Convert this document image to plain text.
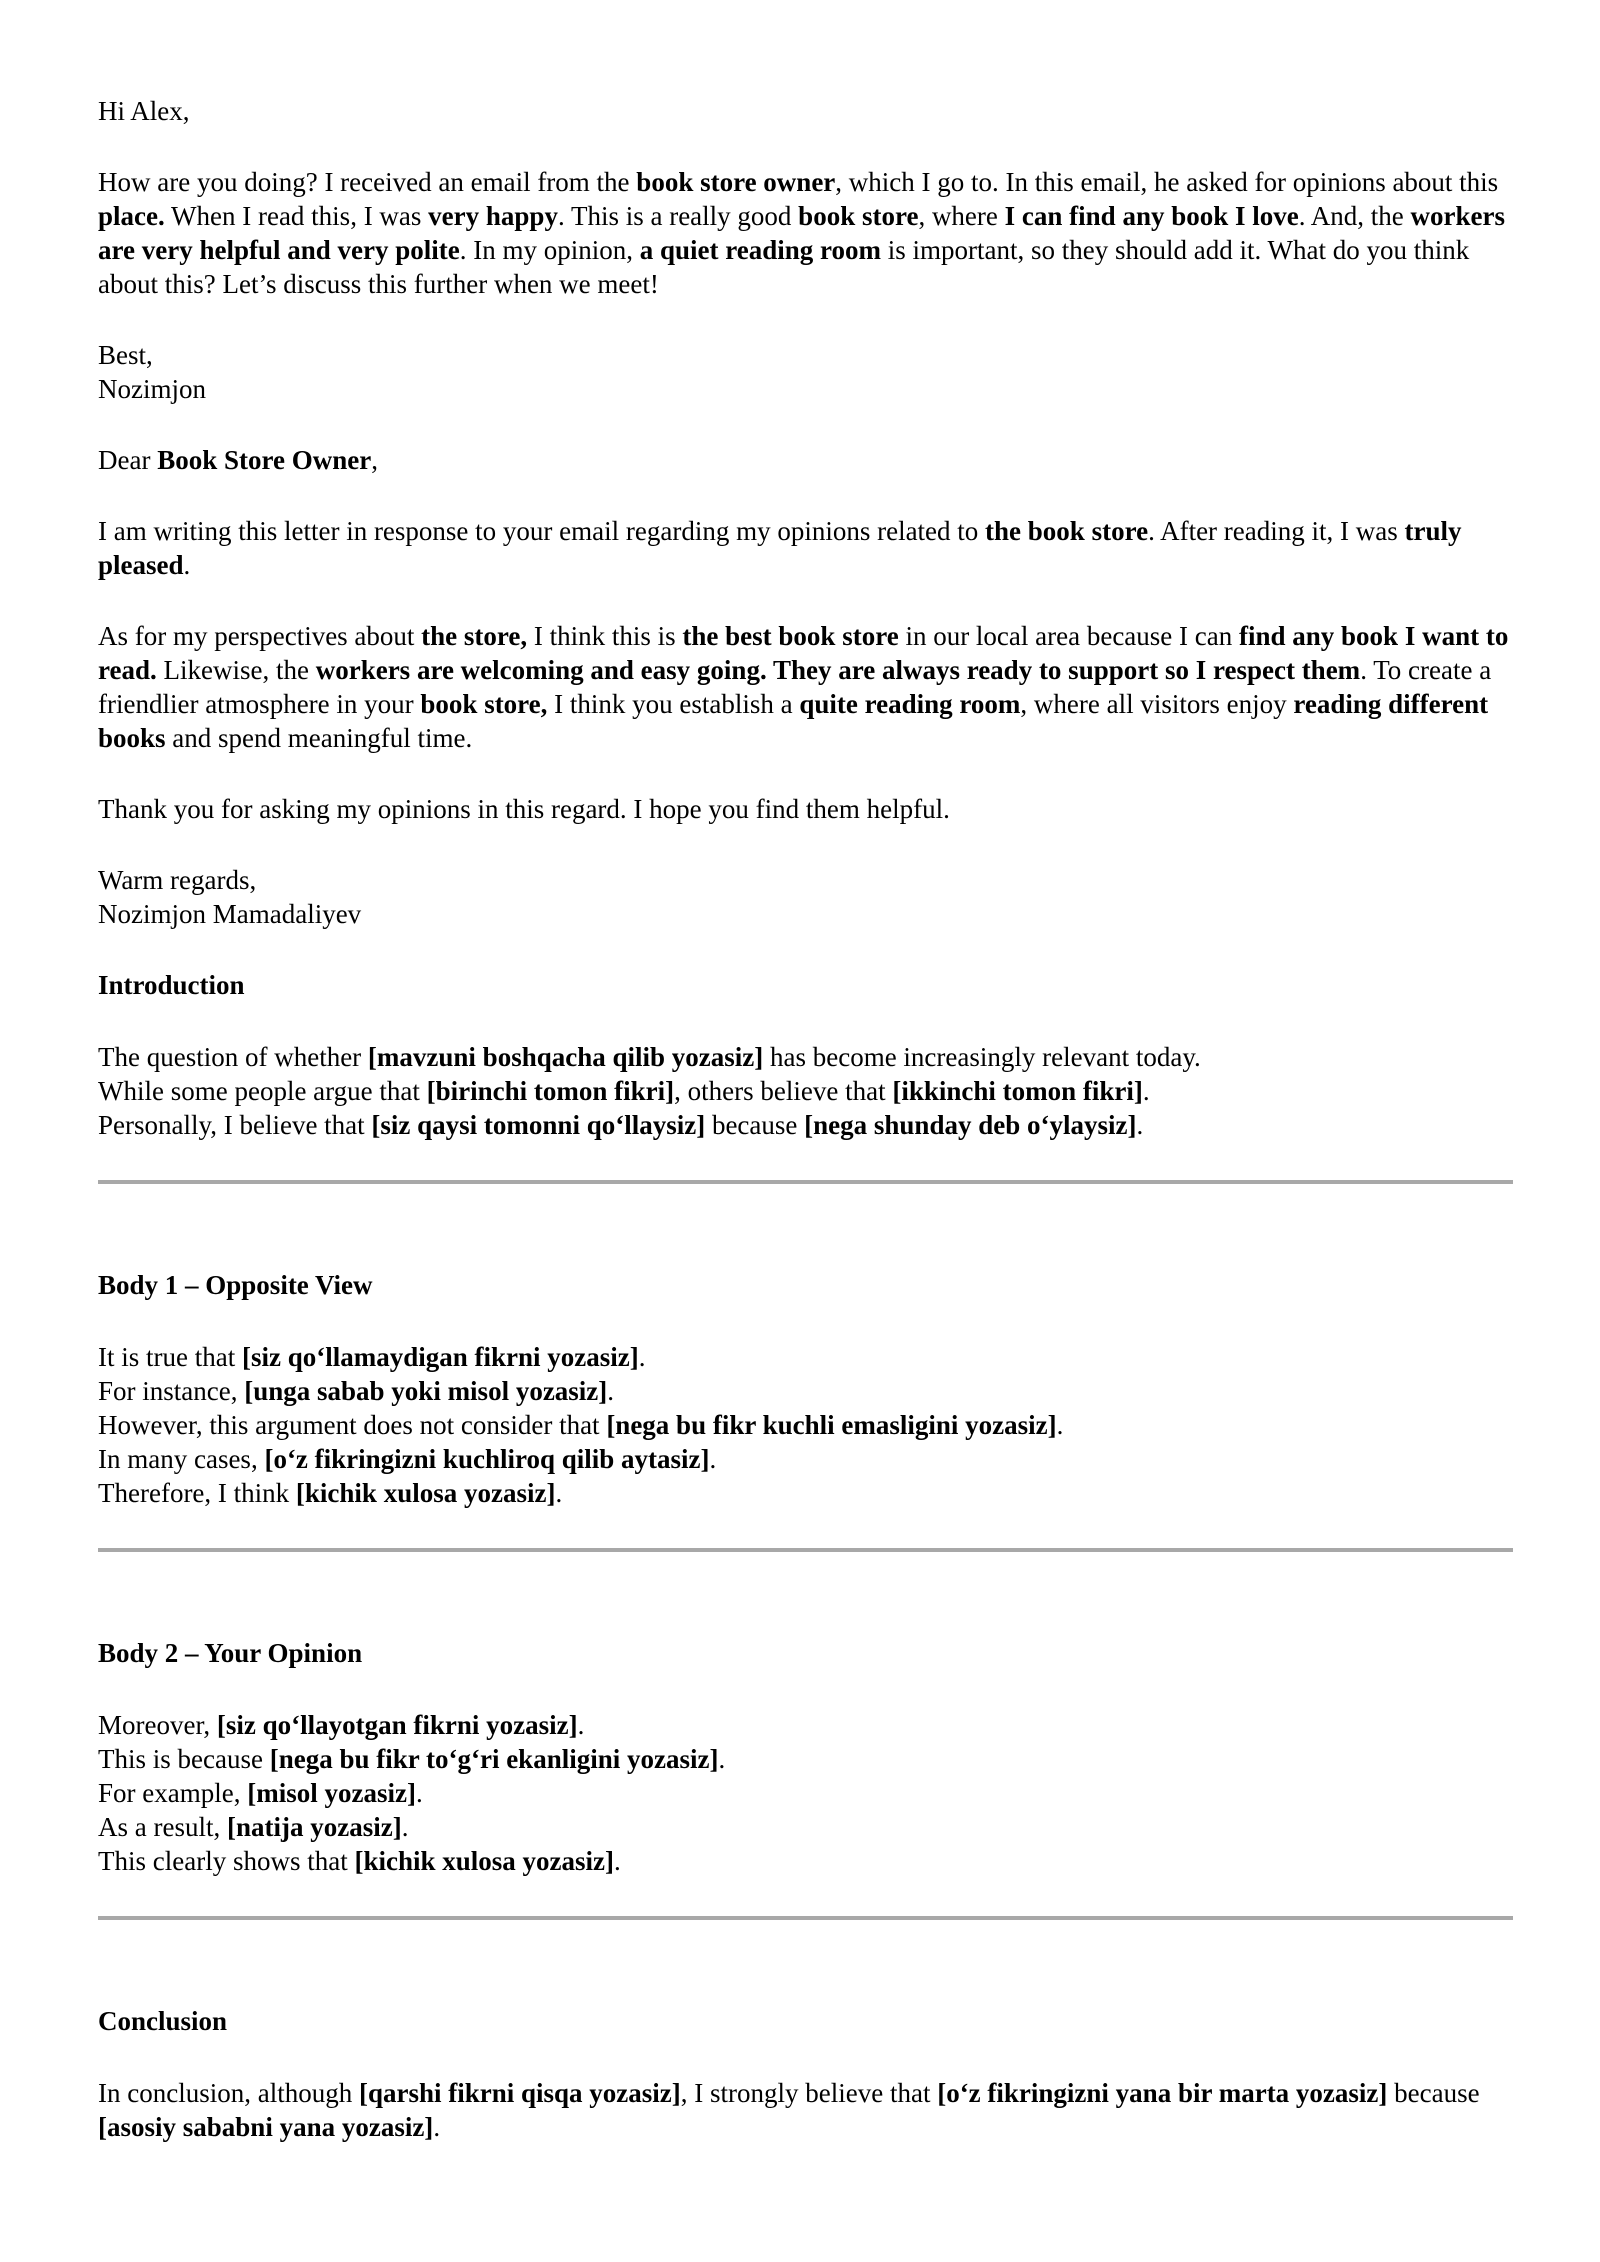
Hi Alex,

How are you doing? I received an email from the book store owner, which I go to. In this email, he asked for opinions about this place. When I read this, I was very happy. This is a really good book store, where I can find any book I love. And, the workers are very helpful and very polite. In my opinion, a quiet reading room is important, so they should add it. What do you think about this? Let’s discuss this further when we meet!

Best,

Nozimjon

Dear Book Store Owner,

I am writing this letter in response to your email regarding my opinions related to the book store. After reading it, I was truly pleased.

As for my perspectives about the store, I think this is the best book store in our local area because I can find any book I want to read. Likewise, the workers are welcoming and easy going. They are always ready to support so I respect them. To create a friendlier atmosphere in your book store, I think you establish a quite reading room, where all visitors enjoy reading different books and spend meaningful time.

Thank you for asking my opinions in this regard. I hope you find them helpful.

Warm regards,

Nozimjon Mamadaliyev

Introduction

The question of whether [mavzuni boshqacha qilib yozasiz] has become increasingly relevant today.
While some people argue that [birinchi tomon fikri], others believe that [ikkinchi tomon fikri].
Personally, I believe that [siz qaysi tomonni qo‘llaysiz] because [nega shunday deb o‘ylaysiz].

Body 1 – Opposite View

It is true that [siz qo‘llamaydigan fikrni yozasiz].
For instance, [unga sabab yoki misol yozasiz].
However, this argument does not consider that [nega bu fikr kuchli emasligini yozasiz].
In many cases, [o‘z fikringizni kuchliroq qilib aytasiz].
Therefore, I think [kichik xulosa yozasiz].

Body 2 – Your Opinion

Moreover, [siz qo‘llayotgan fikrni yozasiz].
This is because [nega bu fikr to‘g‘ri ekanligini yozasiz].
For example, [misol yozasiz].
As a result, [natija yozasiz].
This clearly shows that [kichik xulosa yozasiz].

Conclusion

In conclusion, although [qarshi fikrni qisqa yozasiz], I strongly believe that [o‘z fikringizni yana bir marta yozasiz] because [asosiy sababni yana yozasiz].
